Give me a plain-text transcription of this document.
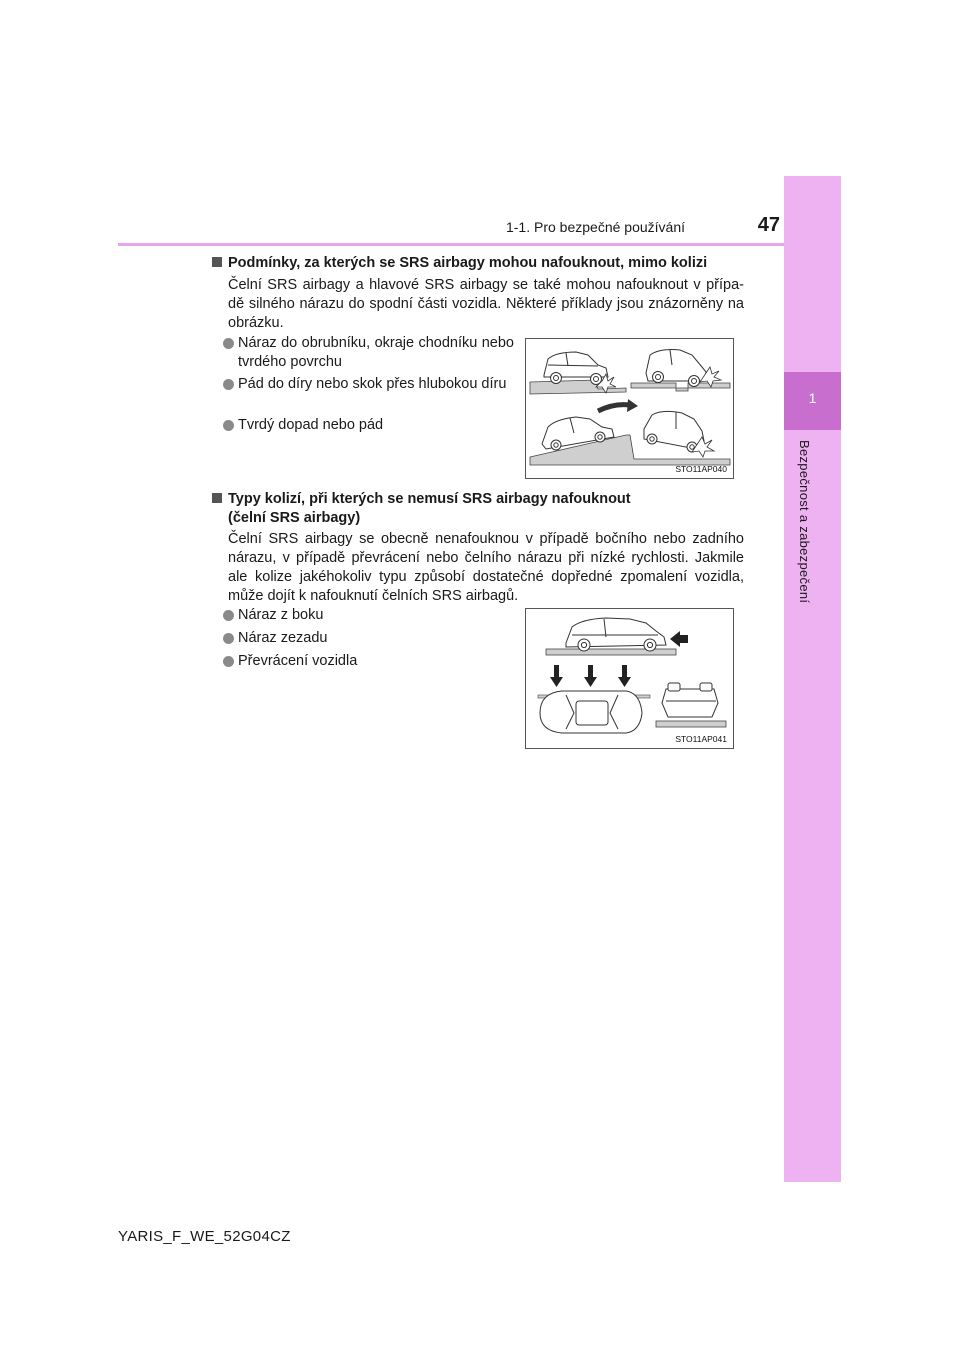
1-1. Pro bezpečné používání	47
1
Bezpečnost a zabezpečení
Podmínky, za kterých se SRS airbagy mohou nafouknout, mimo kolizi
Čelní SRS airbagy a hlavové SRS airbagy se také mohou nafouknout v přípa- dě silného nárazu do spodní části vozidla. Některé příklady jsou znázorněny na obrázku.
Náraz do obrubníku, okraje chodníku nebo tvrdého povrchu
Pád do díry nebo skok přes hlubokou díru
Tvrdý dopad nebo pád
STO11AP040
Typy kolizí, při kterých se nemusí SRS airbagy nafouknout
(čelní SRS airbagy)
Čelní SRS airbagy se obecně nenafouknou v případě bočního nebo zadního nárazu, v případě převrácení nebo čelního nárazu při nízké rychlosti. Jakmile ale kolize jakéhokoliv typu způsobí dostatečné dopředné zpomalení vozidla, může dojít k nafouknutí čelních SRS airbagů.
Náraz z boku
Náraz zezadu
Převrácení vozidla
STO11AP041
YARIS_F_WE_52G04CZ
